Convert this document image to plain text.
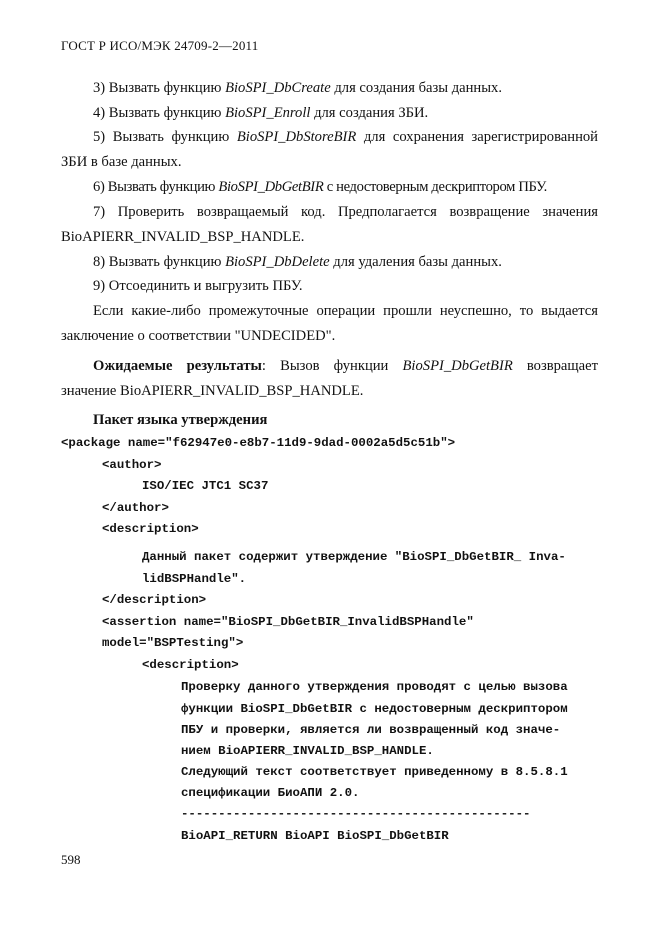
ГОСТ Р ИСО/МЭК 24709-2—2011
3) Вызвать функцию BioSPI_DbCreate для создания базы данных.
4) Вызвать функцию BioSPI_Enroll для создания ЗБИ.
5) Вызвать функцию BioSPI_DbStoreBIR для сохранения зарегистрированной ЗБИ в базе данных.
6) Вызвать функцию BioSPI_DbGetBIR с недостоверным дескриптором ПБУ.
7) Проверить возвращаемый код. Предполагается возвращение значения BioAPIERR_INVALID_BSP_HANDLE.
8) Вызвать функцию BioSPI_DbDelete для удаления базы данных.
9) Отсоединить и выгрузить ПБУ.
Если какие-либо промежуточные операции прошли неуспешно, то выдается заключение о соответствии "UNDECIDED".
Ожидаемые результаты: Вызов функции BioSPI_DbGetBIR возвращает значение BioAPIERR_INVALID_BSP_HANDLE.
Пакет языка утверждения
<package name="f62947e0-e8b7-11d9-9dad-0002a5d5c51b">
<author>
ISO/IEC JTC1 SC37
</author>
<description>
Данный пакет содержит утверждение "BioSPI_DbGetBIR_ Inva-
lidBSPHandle".
</description>
<assertion name="BioSPI_DbGetBIR_InvalidBSPHandle"
model="BSPTesting">
<description>
Проверку данного утверждения проводят с целью вызова
функции BioSPI_DbGetBIR с недостоверным дескриптором
ПБУ и проверки, является ли возвращенный код значе-
нием BioAPIERR_INVALID_BSP_HANDLE.
Следующий текст соответствует приведенному в 8.5.8.1
спецификации БиоАПИ 2.0.
-----------------------------------------------
BioAPI_RETURN BioAPI BioSPI_DbGetBIR
598
